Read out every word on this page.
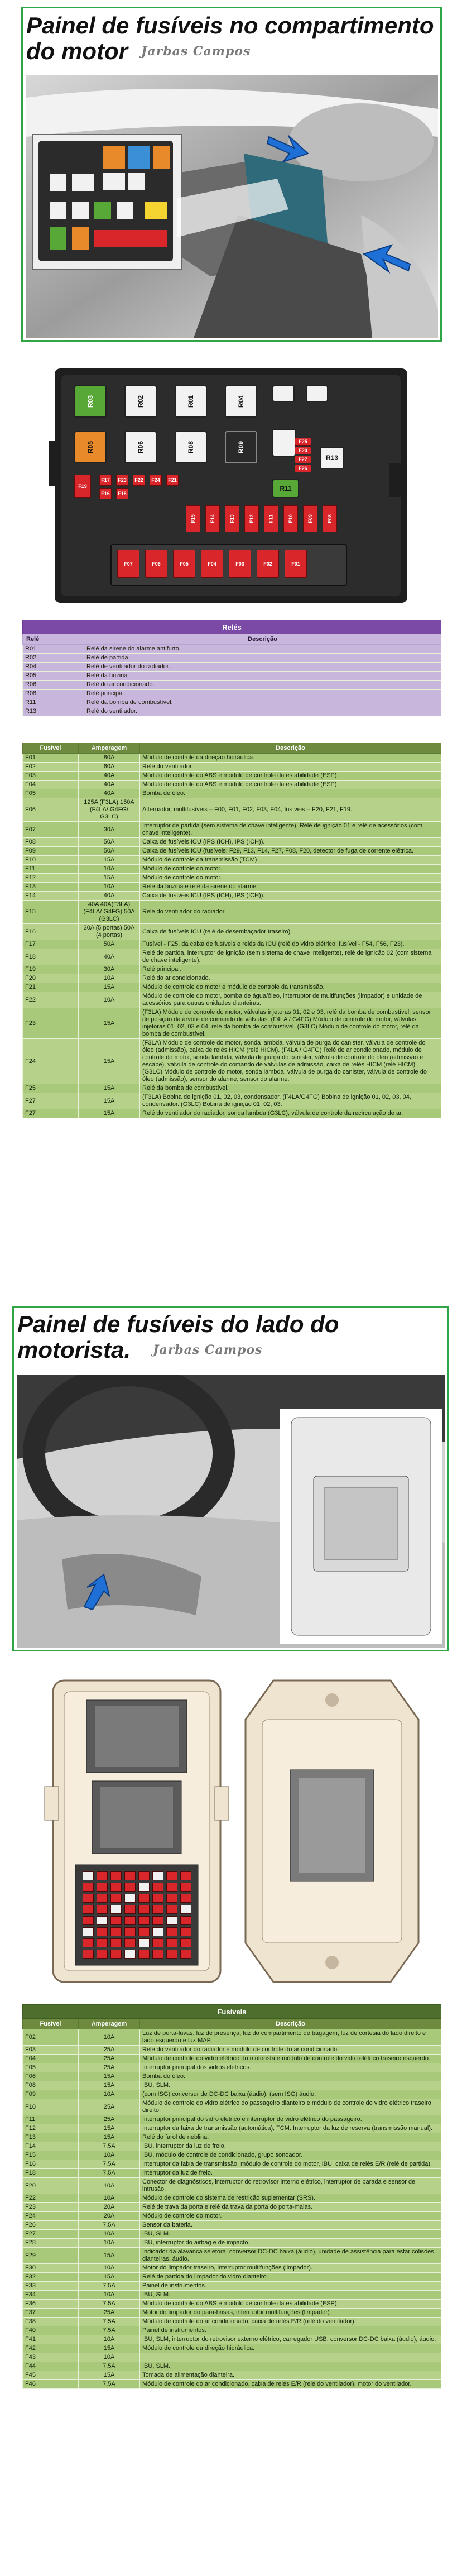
Painel de fusíveis no compartimento
do motor Jarbas Campos
R03	R02	R01	R04
R05	R06	R08	R09
R13
R11
F19
F17 F23 F22 F24 F21
F16 F18
F26
F20
F27
F25
F15	F14	F13	F12	F11	F10	F09	F08
F07	F06	F05	F04	F03	F02	F01
Relés	
Relé	Descrição
R01	Relé da sirene do alarme antifurto.
R02	Relé de partida.
R04	Relé de ventilador do radiador.
R05	Relé da buzina.
R06	Relé do ar condicionado.
R08	Relé principal.
R11	Relé da bomba de combustível.
R13	Relé do ventilador.
Fusível	Amperagem	Descrição
F01	80A	Módulo de controle da direção hidráulica.
F02	60A	Relé do ventilador.
F03	40A	Módulo de controle do ABS e módulo de controle da estabilidade (ESP).
F04	40A	Módulo de controle do ABS e módulo de controle da estabilidade (ESP).
F05	40A	Bomba de óleo.
F06	125A (F3LA) 150A (F4LA/ G4FG/ G3LC)	Alternador, multifusíveis – F00, F01, F02, F03, F04, fusíveis – F20, F21, F19.
F07	30A	Interruptor de partida (sem sistema de chave inteligente), Relé de ignição 01 e relé de acessórios (com chave inteligente).
F08	50A	Caixa de fusíveis ICU (IPS (ICH), IPS (ICH)).
F09	50A	Caixa de fusíveis ICU (fusíveis: F29, F13, F14, F27, F08, F20, detector de fuga de corrente elétrica.
F10	15A	Módulo de controle da transmissão (TCM).
F11	10A	Módulo de controle do motor.
F12	15A	Módulo de controle do motor.
F13	10A	Relé da buzina e relé da sirene do alarme.
F14	40A	Caixa de fusíveis ICU (IPS (ICH), IPS (ICH)).
F15	40A 40A(F3LA) (F4LA/ G4FG) 50A (G3LC)	Relé do ventilador do radiador.
F16	30A (5 portas) 50A (4 portas)	Caixa de fusíveis ICU (relé de desembaçador traseiro).
F17	50A	Fusível - F25, da caixa de fusíveis e relés da ICU (relé do vidro elétrico, fusível - F54, F56, F23).
F18	40A	Relé de partida, interruptor de ignição (sem sistema de chave inteligente), relé de ignição 02 (com sistema de chave inteligente).
F19	30A	Relé principal.
F20	10A	Relé do ar condicionado.
F21	15A	Módulo de controle do motor e módulo de controle da transmissão.
F22	10A	Módulo de controle do motor, bomba de água/óleo, interruptor de multifunções (limpador) e unidade de acessórios para outras unidades dianteiras.
F23	15A	(F3LA) Módulo de controle do motor, válvulas injetoras 01, 02 e 03, relé da bomba de combustível, sensor de posição da árvore de comando de válvulas. (F4LA / G4FG) Módulo de controle do motor, válvulas injetoras 01, 02, 03 e 04, relé da bomba de combustível. (G3LC) Módulo de controle do motor, relé da bomba de combustível.
F24	15A	(F3LA) Módulo de controle do motor, sonda lambda, válvula de purga do canister, válvula de controle do óleo (admissão), caixa de relés HICM (relé HICM). (F4LA / G4FG) Relé de ar condicionado, módulo de controle do motor, sonda lambda, válvula de purga do canister, válvula de controle do óleo (admissão e escape), válvula de controle do comando de válvulas de admissão, caixa de relés HICM (relé HICM). (G3LC) Módulo de controle do motor, sonda lambda, válvula de purga do canister, válvula de controle do óleo (admissão), sensor do alarme, sensor do alarme.
F25	15A	Relé da bomba de combustível.
F27	15A	(F3LA) Bobina de ignição 01, 02, 03, condensador. (F4LA/G4FG) Bobina de ignição 01, 02, 03, 04, condensador. (G3LC) Bobina de ignição 01, 02, 03.
F27	15A	Relé do ventilador do radiador, sonda lambda (G3LC), válvula de controle da recirculação de ar.
Painel de fusíveis do lado do
motorista. Jarbas Campos
Fusíveis		
Fusível	Amperagem	Descrição
F02	10A	Luz de porta-luvas, luz de presença, luz do compartimento de bagagem, luz de cortesia do lado direito e lado esquerdo e luz MAP.
F03	25A	Relé do ventilador do radiador e módulo de controle do ar condicionado.
F04	25A	Módulo de controle do vidro elétrico do motorista e módulo de controle do vidro elétrico traseiro esquerdo.
F05	25A	Interruptor principal dos vidros elétricos.
F06	15A	Bomba do óleo.
F08	15A	IBU, SLM.
F09	10A	(com ISG) conversor de DC-DC baixa (áudio). (sem ISG) áudio.
F10	25A	Módulo de controle do vidro elétrico do passageiro dianteiro e módulo de controle do vidro elétrico traseiro direito.
F11	25A	Interruptor principal do vidro elétrico e interruptor do vidro elétrico do passageiro.
F12	15A	Interruptor da faixa de transmissão (automática), TCM. Interruptor da luz de reserva (transmissão manual).
F13	15A	Relé do farol de neblina.
F14	7.5A	IBU, interruptor da luz de freio.
F15	10A	IBU, módulo de controle de condicionado, grupo sonoador.
F16	7.5A	Interruptor da faixa de transmissão, módulo de controle do motor, IBU, caixa de relés E/R (relé de partida).
F18	7.5A	Interruptor da luz de freio.
F20	10A	Conector de diagnósticos, interruptor do retrovisor interno elétrico, interruptor de parada e sensor de intrusão.
F22	10A	Módulo de controle do sistema de restrição suplementar (SRS).
F23	20A	Relé de trava da porta e relé da trava da porta do porta-malas.
F24	20A	Módulo de controle do motor.
F26	7.5A	Sensor da bateria.
F27	10A	IBU, SLM.
F28	10A	IBU, interruptor do airbag e de impacto.
F29	15A	Indicador da alavanca seletora, conversor DC-DC baixa (áudio), unidade de assistência para estar colisões dianteiras, áudio.
F30	10A	Motor do limpador traseiro, interruptor multifunções (limpador).
F32	15A	Relé de partida do limpador do vidro dianteiro.
F33	7.5A	Painel de instrumentos.
F34	10A	IBU, SLM.
F36	7.5A	Módulo de controle do ABS e módulo de controle da estabilidade (ESP).
F37	25A	Motor do limpador do para-brisas, interruptor multifunções (limpador).
F38	7.5A	Módulo de controle do ar condicionado, caixa de relés E/R (relé do ventilador).
F40	7.5A	Painel de instrumentos.
F41	10A	IBU, SLM, interruptor do retrovisor externo elétrico, carregador USB, conversor DC-DC baixa (áudio), áudio.
F42	15A	Módulo de controle da direção hidráulica.
F43	10A	
F44	7.5A	IBU, SLM.
F45	15A	Tomada de alimentação dianteira.
F46	7.5A	Módulo de controle do ar condicionado, caixa de relés E/R (relé do ventilador), motor do ventilador.
